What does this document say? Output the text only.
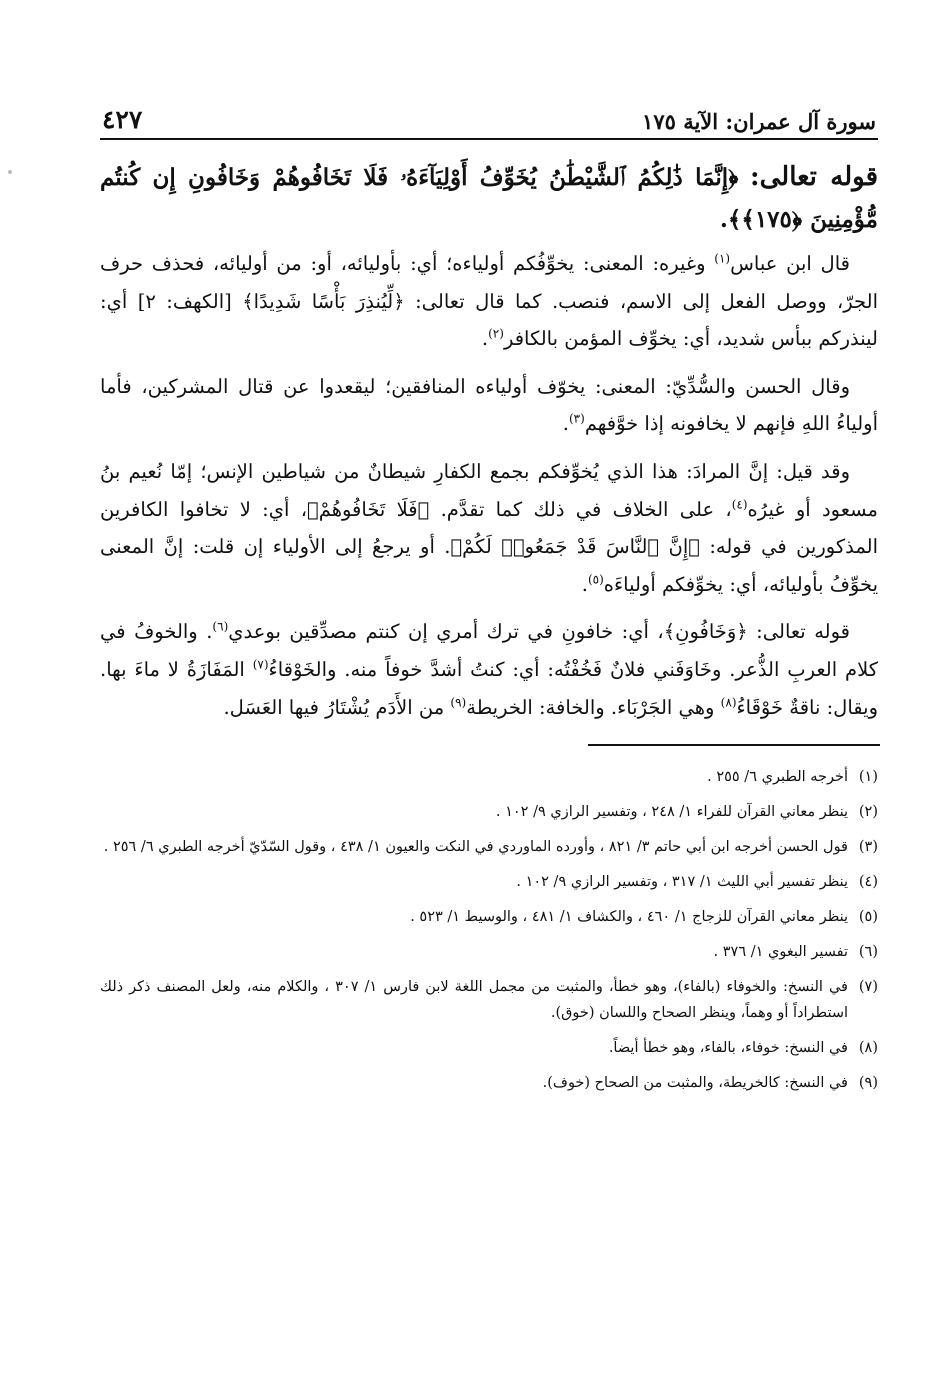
سورة آل عمران: الآية ١٧٥
٤٢٧
قوله تعالى: ﴿إِنَّمَا ذَٰلِكُمُ ٱلشَّيْطَٰنُ يُخَوِّفُ أَوْلِيَآءَهُۥ فَلَا تَخَافُوهُمْ وَخَافُونِ إِن كُنتُم مُّؤْمِنِينَ ﴿١٧٥﴾﴾.

قال ابن عباس$^{(١)}$ وغيره: المعنى: يخوِّفُكم أولياءه؛ أي: بأوليائه، أو: من أوليائه، فحذف حرف الجرّ، ووصل الفعل إلى الاسم، فنصب. كما قال تعالى: ﴿لِّيُنذِرَ بَأْسًا شَدِيدًا﴾ [الكهف: ٢] أي: لينذركم ببأس شديد، أي: يخوِّف المؤمن بالكافر$^{(٢)}$.

وقال الحسن والسُّدِّيّ: المعنى: يخوّف أولياءه المنافقين؛ ليقعدوا عن قتال المشركين، فأما أولياءُ اللهِ فإنهم لا يخافونه إذا خوَّفهم$^{(٣)}$.

وقد قيل: إنَّ المرادَ: هذا الذي يُخوِّفكم بجمع الكفارِ شيطانٌ من شياطين الإنس؛ إمّا نُعيم بنُ مسعود أو غيرُه$^{(٤)}$، على الخلاف في ذلك كما تقدَّم. ﴿فَلَا تَخَافُوهُمْ﴾، أي: لا تخافوا الكافرين المذكورين في قوله: ﴿إِنَّ ٱلنَّاسَ قَدْ جَمَعُوا۟ لَكُمْ﴾. أو يرجعُ إلى الأولياء إن قلت: إنَّ المعنى يخوِّفُ بأوليائه، أي: يخوِّفكم أولياءَه$^{(٥)}$.

قوله تعالى: ﴿وَخَافُونِ﴾، أي: خافونِ في ترك أمري إن كنتم مصدِّقين بوعدي$^{(٦)}$. والخوفُ في كلام العربِ الذُّعر. وخَاوَفَني فلانٌ فَخُفْتُه: أي: كنتُ أشدَّ خوفاً منه. والخَوْقاءُ$^{(٧)}$ المَفَازَةُ لا ماءَ بها. ويقال: ناقةٌ خَوْقَاءُ$^{(٨)}$ وهي الجَرْبَاء. والخافة: الخريطة$^{(٩)}$ من الأَدَم يُشْتَارُ فيها العَسَل.

(١)
أخرجه الطبري ٦/ ٢٥٥ .
(٢)
ينظر معاني القرآن للفراء ١/ ٢٤٨ ، وتفسير الرازي ٩/ ١٠٢ .
(٣)
قول الحسن أخرجه ابن أبي حاتم ٣/ ٨٢١ ، وأورده الماوردي في النكت والعيون ١/ ٤٣٨ ، وقول السّدّيّ أخرجه الطبري ٦/ ٢٥٦ .
(٤)
ينظر تفسير أبي الليث ١/ ٣١٧ ، وتفسير الرازي ٩/ ١٠٢ .
(٥)
ينظر معاني القرآن للزجاج ١/ ٤٦٠ ، والكشاف ١/ ٤٨١ ، والوسيط ١/ ٥٢٣ .
(٦)
تفسير البغوي ١/ ٣٧٦ .
(٧)
في النسخ: والخوفاء (بالفاء)، وهو خطأ، والمثبت من مجمل اللغة لابن فارس ١/ ٣٠٧ ، والكلام منه، ولعل المصنف ذكر ذلك استطراداً أو وهماً، وينظر الصحاح واللسان (خوق).
(٨)
في النسخ: خوفاء، بالفاء، وهو خطأ أيضاً.
(٩)
في النسخ: كالخريطة، والمثبت من الصحاح (خوف).
